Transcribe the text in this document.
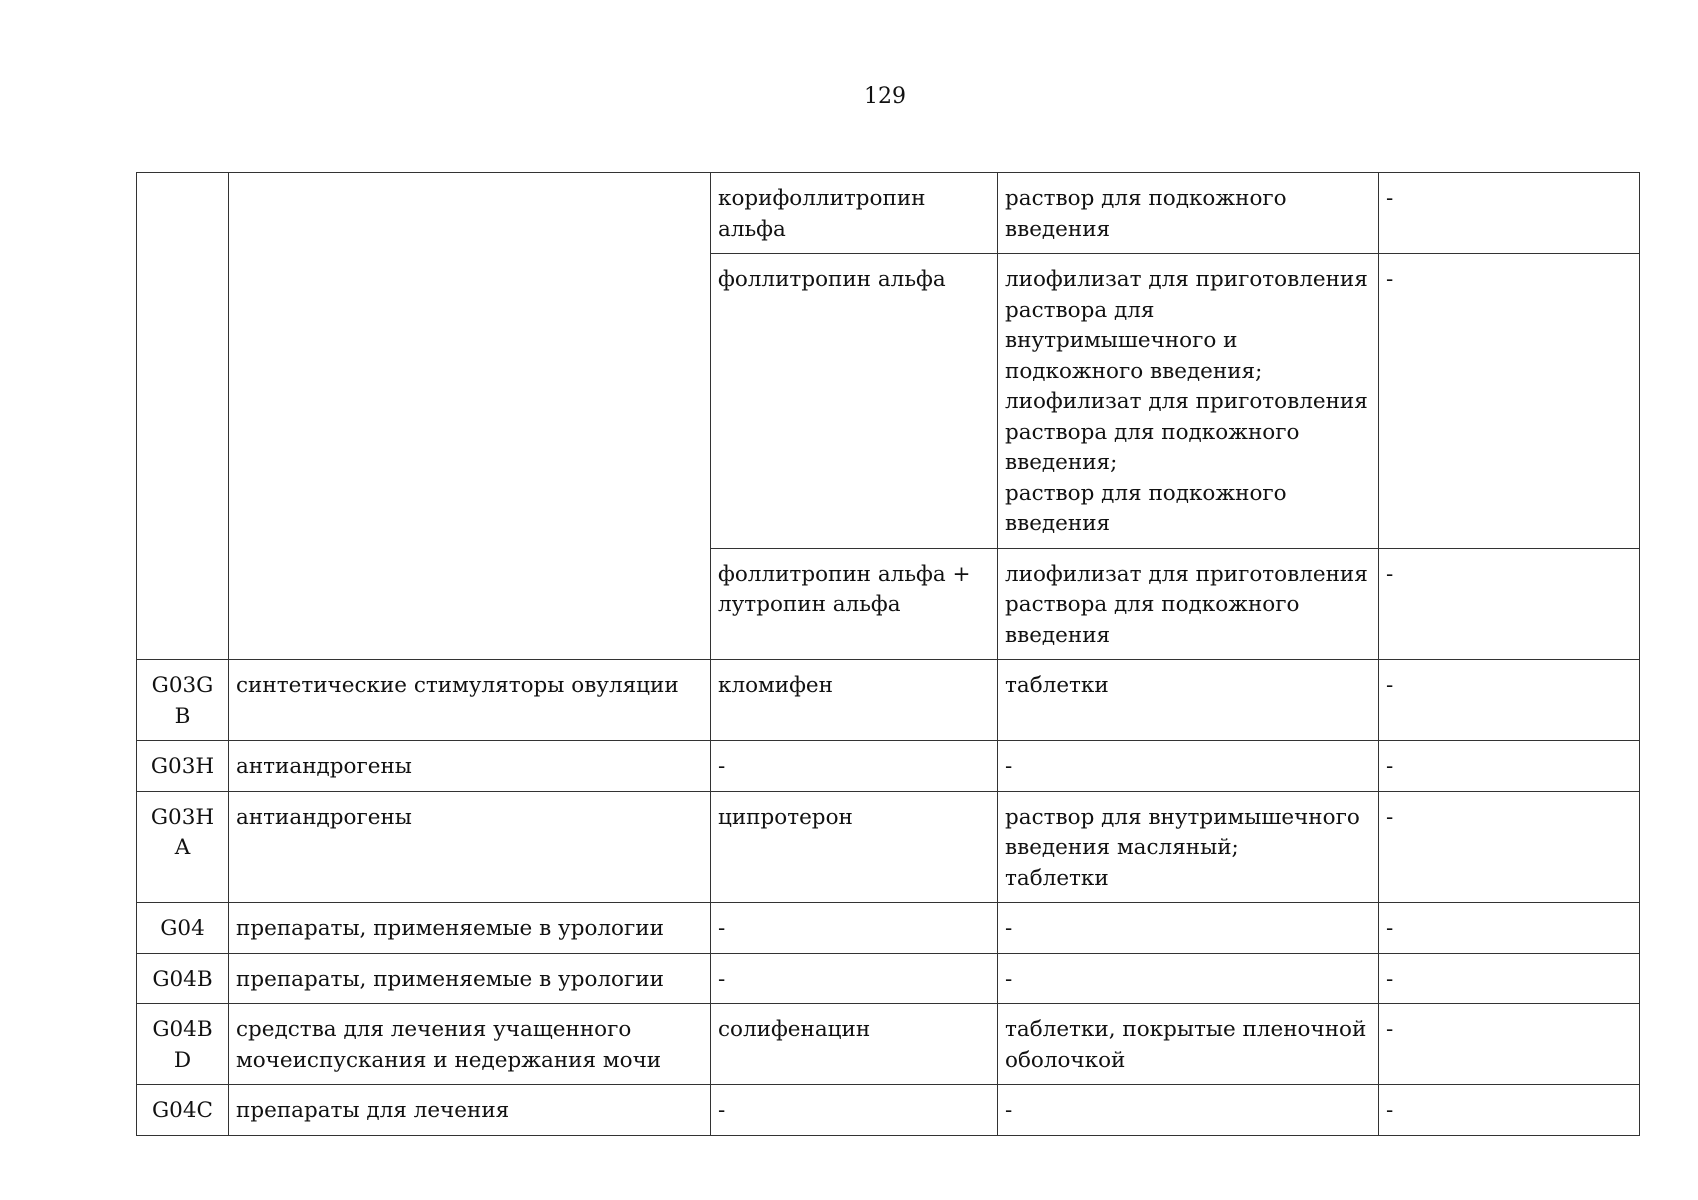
129
		корифоллитропин альфа	раствор для подкожного введения	-
		фоллитропин альфа	лиофилизат для приготовления раствора для внутримышечного и подкожного введения;
лиофилизат для приготовления раствора для подкожного введения;
раствор для подкожного введения	-
		фоллитропин альфа + лутропин альфа	лиофилизат для приготовления раствора для подкожного введения	-
G03GB	синтетические стимуляторы овуляции	кломифен	таблетки	-
G03H	антиандрогены	-	-	-
G03HA	антиандрогены	ципротерон	раствор для внутримышечного введения масляный;
таблетки	-
G04	препараты, применяемые в урологии	-	-	-
G04B	препараты, применяемые в урологии	-	-	-
G04BD	средства для лечения учащенного мочеиспускания и недержания мочи	солифенацин	таблетки, покрытые пленочной оболочкой	-
G04C	препараты для лечения	-	-	-
